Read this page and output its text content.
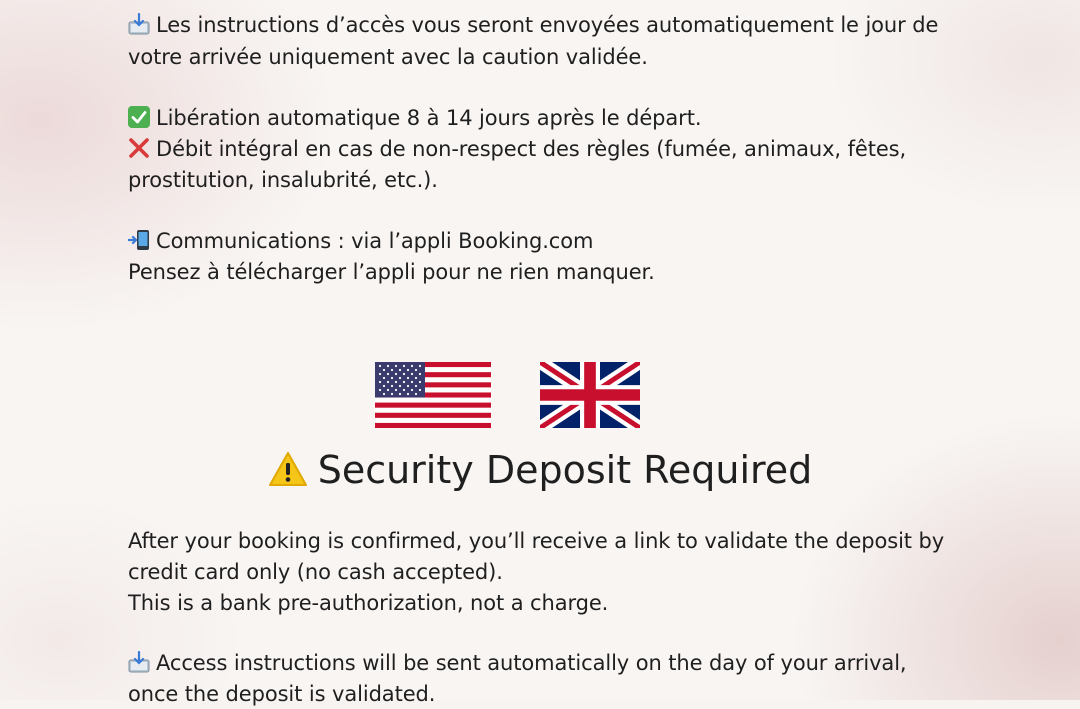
Les instructions d’accès vous seront envoyées automatiquement le jour de
votre arrivée uniquement avec la caution validée.
Libération automatique 8 à 14 jours après le départ.
Débit intégral en cas de non-respect des règles (fumée, animaux, fêtes,
prostitution, insalubrité, etc.).
Communications : via l’appli Booking.com
Pensez à télécharger l’appli pour ne rien manquer.
Security Deposit Required
After your booking is confirmed, you’ll receive a link to validate the deposit by
credit card only (no cash accepted).
This is a bank pre-authorization, not a charge.
Access instructions will be sent automatically on the day of your arrival,
once the deposit is validated.
